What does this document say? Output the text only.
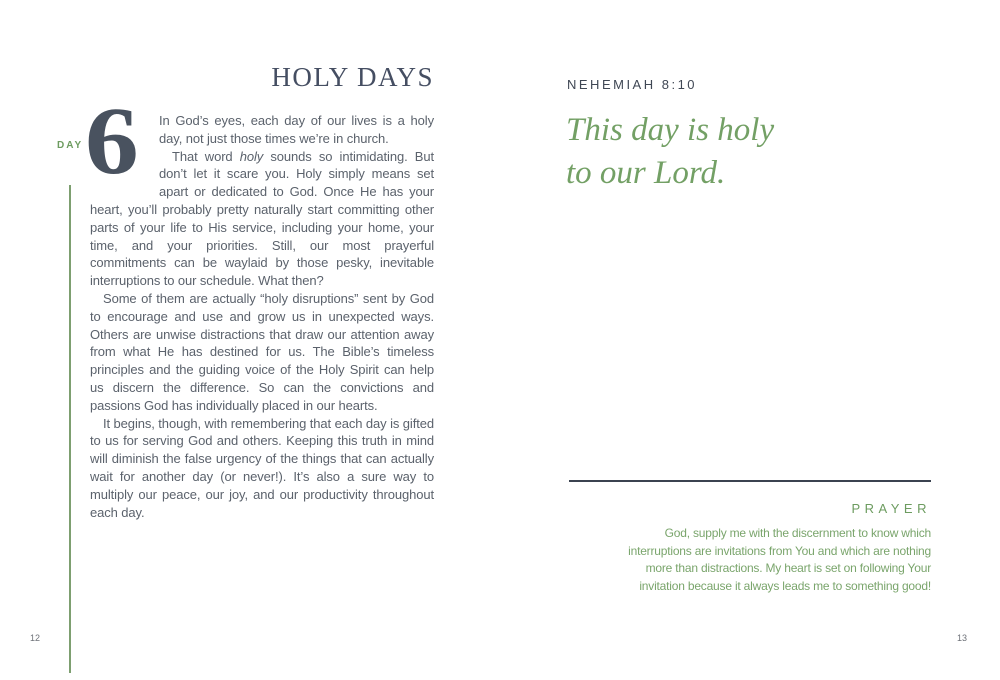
HOLY DAYS
DAY 6	In God’s eyes, each day of our lives is a holy day, not just those times we’re in church.

That word holy sounds so intimidating. But don’t let it scare you. Holy simply means set apart or dedicated to God. Once He has your heart, you’ll probably pretty naturally start committing other parts of your life to His service, including your home, your time, and your priorities. Still, our most prayerful commitments can be waylaid by those pesky, inevitable interruptions to our schedule. What then?

Some of them are actually “holy disruptions” sent by God to encourage and use and grow us in unexpected ways. Others are unwise distractions that draw our attention away from what He has destined for us. The Bible’s timeless principles and the guiding voice of the Holy Spirit can help us discern the difference. So can the convictions and passions God has individually placed in our hearts.

It begins, though, with remembering that each day is gifted to us for serving God and others. Keeping this truth in mind will diminish the false urgency of the things that can actually wait for another day (or never!). It’s also a sure way to multiply our peace, our joy, and our productivity throughout each day.

12
NEHEMIAH 8:10
This day is holy
to our Lord.
PRAYER
God, supply me with the discernment to know which
interruptions are invitations from You and which are nothing
more than distractions. My heart is set on following Your
invitation because it always leads me to something good!
13
